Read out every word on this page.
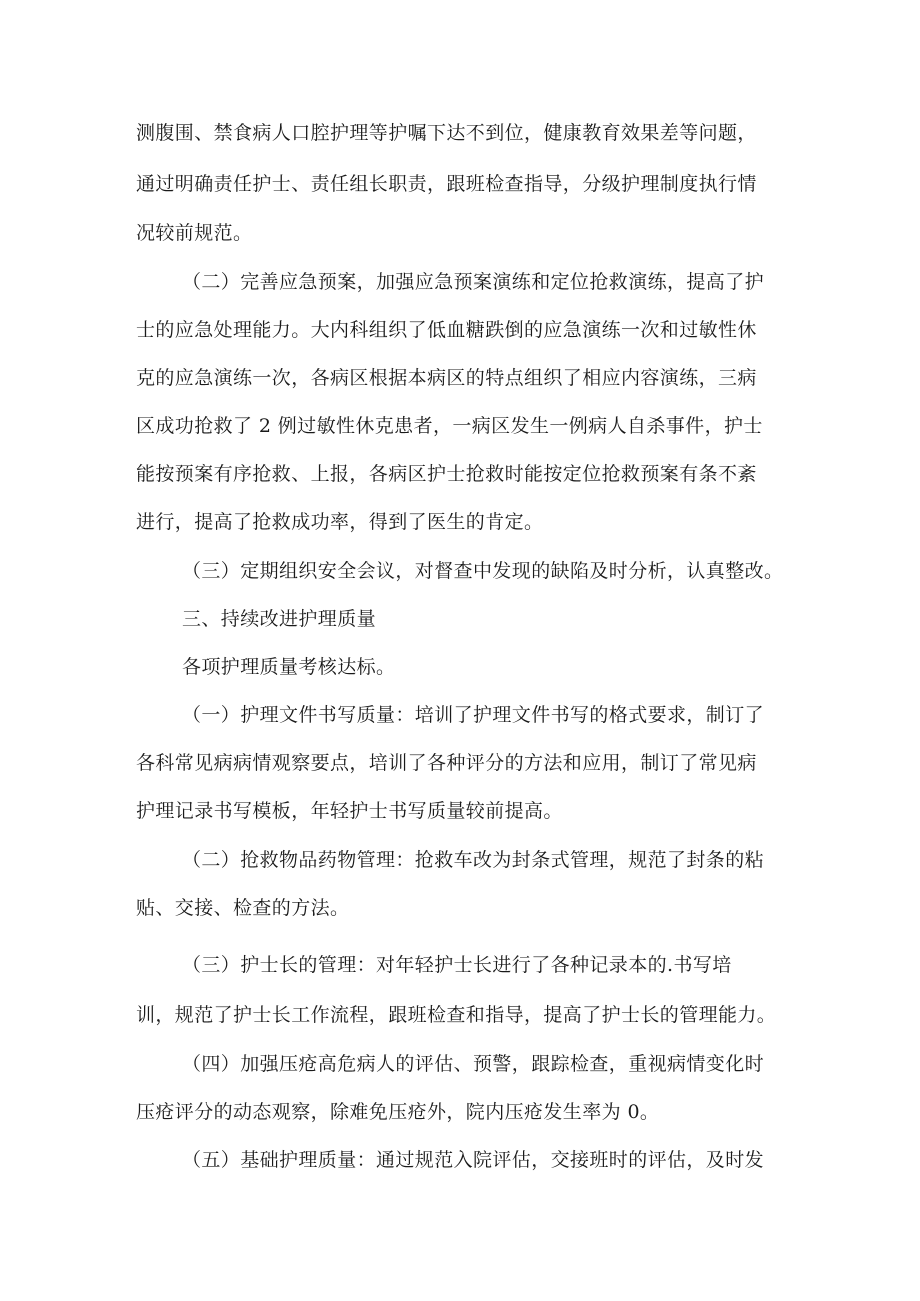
测腹围、禁食病人口腔护理等护嘱下达不到位，健康教育效果差等问题，
通过明确责任护士、责任组长职责，跟班检查指导，分级护理制度执行情
况较前规范。
（二）完善应急预案，加强应急预案演练和定位抢救演练，提高了护
士的应急处理能力。大内科组织了低血糖跌倒的应急演练一次和过敏性休
克的应急演练一次，各病区根据本病区的特点组织了相应内容演练，三病
区成功抢救了 2 例过敏性休克患者，一病区发生一例病人自杀事件，护士
能按预案有序抢救、上报，各病区护士抢救时能按定位抢救预案有条不紊
进行，提高了抢救成功率，得到了医生的肯定。
（三）定期组织安全会议，对督查中发现的缺陷及时分析，认真整改。
三、持续改进护理质量
各项护理质量考核达标。
（一）护理文件书写质量：培训了护理文件书写的格式要求，制订了
各科常见病病情观察要点，培训了各种评分的方法和应用，制订了常见病
护理记录书写模板，年轻护士书写质量较前提高。
（二）抢救物品药物管理：抢救车改为封条式管理，规范了封条的粘
贴、交接、检查的方法。
（三）护士长的管理：对年轻护士长进行了各种记录本的.书写培
训，规范了护士长工作流程，跟班检查和指导，提高了护士长的管理能力。
（四）加强压疮高危病人的评估、预警，跟踪检查，重视病情变化时
压疮评分的动态观察，除难免压疮外，院内压疮发生率为 0。
（五）基础护理质量：通过规范入院评估，交接班时的评估，及时发
